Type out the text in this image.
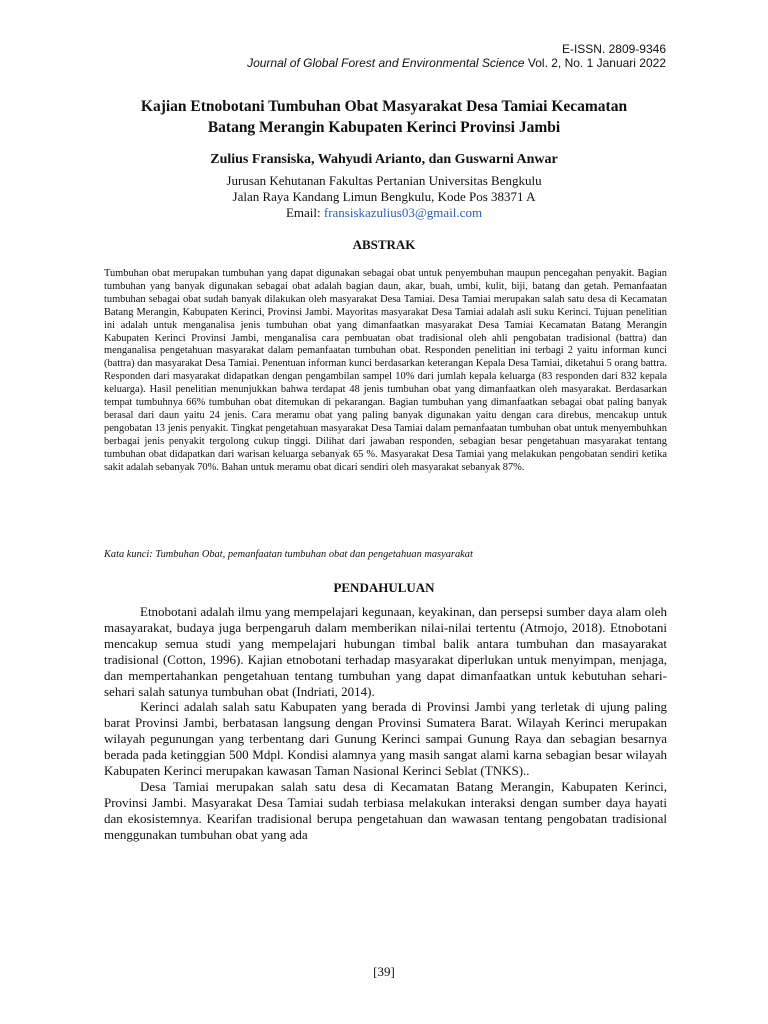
E-ISSN. 2809-9346
Journal of Global Forest and Environmental Science Vol. 2, No. 1 Januari 2022
Kajian Etnobotani Tumbuhan Obat Masyarakat Desa Tamiai Kecamatan
Batang Merangin Kabupaten Kerinci Provinsi Jambi
Zulius Fransiska, Wahyudi Arianto, dan Guswarni Anwar
Jurusan Kehutanan Fakultas Pertanian Universitas Bengkulu
Jalan Raya Kandang Limun Bengkulu, Kode Pos 38371 A
Email: fransiskazulius03@gmail.com
ABSTRAK

Tumbuhan obat merupakan tumbuhan yang dapat digunakan sebagai obat untuk penyembuhan maupun pencegahan penyakit. Bagian tumbuhan yang banyak digunakan sebagai obat adalah bagian daun, akar, buah, umbi, kulit, biji, batang dan getah. Pemanfaatan tumbuhan sebagai obat sudah banyak dilakukan oleh masyarakat Desa Tamiai. Desa Tamiai merupakan salah satu desa di Kecamatan Batang Merangin, Kabupaten Kerinci, Provinsi Jambi. Mayoritas masyarakat Desa Tamiai adalah asli suku Kerinci. Tujuan penelitian ini adalah untuk menganalisa jenis tumbuhan obat yang dimanfaatkan masyarakat Desa Tamiai Kecamatan Batang Merangin Kabupaten Kerinci Provinsi Jambi, menganalisa cara pembuatan obat tradisional oleh ahli pengobatan tradisional (battra) dan menganalisa pengetahuan masyarakat dalam pemanfaatan tumbuhan obat. Responden penelitian ini terbagi 2 yaitu informan kunci (battra) dan masyarakat Desa Tamiai. Penentuan informan kunci berdasarkan keterangan Kepala Desa Tamiai, diketahui 5 orang battra. Responden dari masyarakat didapatkan dengan pengambilan sampel 10% dari jumlah kepala keluarga (83 responden dari 832 kepala keluarga). Hasil penelitian menunjukkan bahwa terdapat 48 jenis tumbuhan obat yang dimanfaatkan oleh masyarakat. Berdasarkan tempat tumbuhnya 66% tumbuhan obat ditemukan di pekarangan. Bagian tumbuhan yang dimanfaatkan sebagai obat paling banyak berasal dari daun yaitu 24 jenis. Cara meramu obat yang paling banyak digunakan yaitu dengan cara direbus, mencakup untuk pengobatan 13 jenis penyakit. Tingkat pengetahuan masyarakat Desa Tamiai dalam pemanfaatan tumbuhan obat untuk menyembuhkan berbagai jenis penyakit tergolong cukup tinggi. Dilihat dari jawaban responden, sebagian besar pengetahuan masyarakat tentang tumbuhan obat didapatkan dari warisan keluarga sebanyak 65 %. Masyarakat Desa Tamiai yang melakukan pengobatan sendiri ketika sakit adalah sebanyak 70%. Bahan untuk meramu obat dicari sendiri oleh masyarakat sebanyak 87%.

Kata kunci: Tumbuhan Obat, pemanfaatan tumbuhan obat dan pengetahuan masyarakat
PENDAHULUAN

Etnobotani adalah ilmu yang mempelajari kegunaan, keyakinan, dan persepsi sumber daya alam oleh masayarakat, budaya juga berpengaruh dalam memberikan nilai-nilai tertentu (Atmojo, 2018). Etnobotani mencakup semua studi yang mempelajari hubungan timbal balik antara tumbuhan dan masayarakat tradisional (Cotton, 1996). Kajian etnobotani terhadap masyarakat diperlukan untuk menyimpan, menjaga, dan mempertahankan pengetahuan tentang tumbuhan yang dapat dimanfaatkan untuk kebutuhan sehari-sehari salah satunya tumbuhan obat (Indriati, 2014).

Kerinci adalah salah satu Kabupaten yang berada di Provinsi Jambi yang terletak di ujung paling barat Provinsi Jambi, berbatasan langsung dengan Provinsi Sumatera Barat. Wilayah Kerinci merupakan wilayah pegunungan yang terbentang dari Gunung Kerinci sampai Gunung Raya dan sebagian besarnya berada pada ketinggian 500 Mdpl. Kondisi alamnya yang masih sangat alami karna sebagian besar wilayah Kabupaten Kerinci merupakan kawasan Taman Nasional Kerinci Seblat (TNKS)..

Desa Tamiai merupakan salah satu desa di Kecamatan Batang Merangin, Kabupaten Kerinci, Provinsi Jambi. Masyarakat Desa Tamiai sudah terbiasa melakukan interaksi dengan sumber daya hayati dan ekosistemnya. Kearifan tradisional berupa pengetahuan dan wawasan tentang pengobatan tradisional menggunakan tumbuhan obat yang ada

[39]
